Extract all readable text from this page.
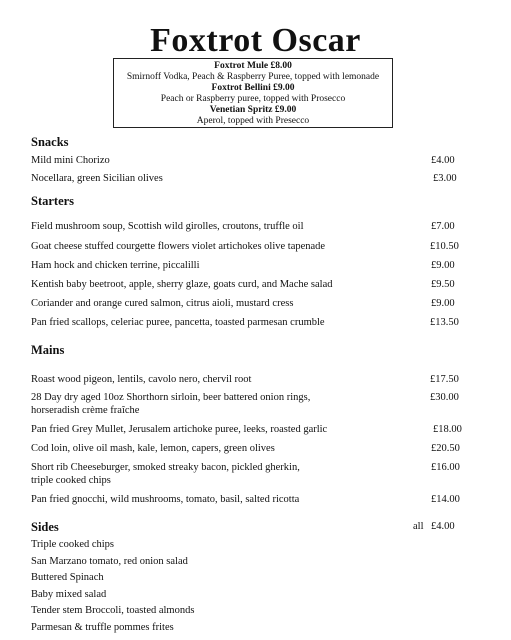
Foxtrot Oscar
Foxtrot Mule £8.00
Smirnoff Vodka, Peach & Raspberry Puree, topped with lemonade
Foxtrot Bellini £9.00
Peach or Raspberry puree, topped with Prosecco
Venetian Spritz £9.00
Aperol, topped with Presecco
Snacks
Mild mini Chorizo	£4.00
Nocellara, green Sicilian olives	£3.00
Starters
Field mushroom soup, Scottish wild girolles, croutons, truffle oil	£7.00
Goat cheese stuffed courgette flowers violet artichokes olive tapenade	£10.50
Ham hock and chicken terrine, piccalilli	£9.00
Kentish baby beetroot, apple, sherry glaze, goats curd, and Mache salad	£9.50
Coriander and orange cured salmon, citrus aioli, mustard cress	£9.00
Pan fried scallops, celeriac puree, pancetta, toasted parmesan crumble	£13.50
Mains
Roast wood pigeon, lentils, cavolo nero, chervil root	£17.50
28 Day dry aged 10oz Shorthorn sirloin, beer battered onion rings,
horseradish crème fraîche
£30.00
Pan fried Grey Mullet, Jerusalem artichoke puree, leeks, roasted garlic	£18.00
Cod loin, olive oil mash, kale, lemon, capers, green olives	£20.50
Short rib Cheeseburger, smoked streaky bacon, pickled gherkin,
triple cooked chips
£16.00
Pan fried gnocchi, wild mushrooms, tomato, basil, salted ricotta	£14.00
Sides	all £4.00
Triple cooked chips
San Marzano tomato, red onion salad
Buttered Spinach
Baby mixed salad
Tender stem Broccoli, toasted almonds
Parmesan & truffle pommes frites
